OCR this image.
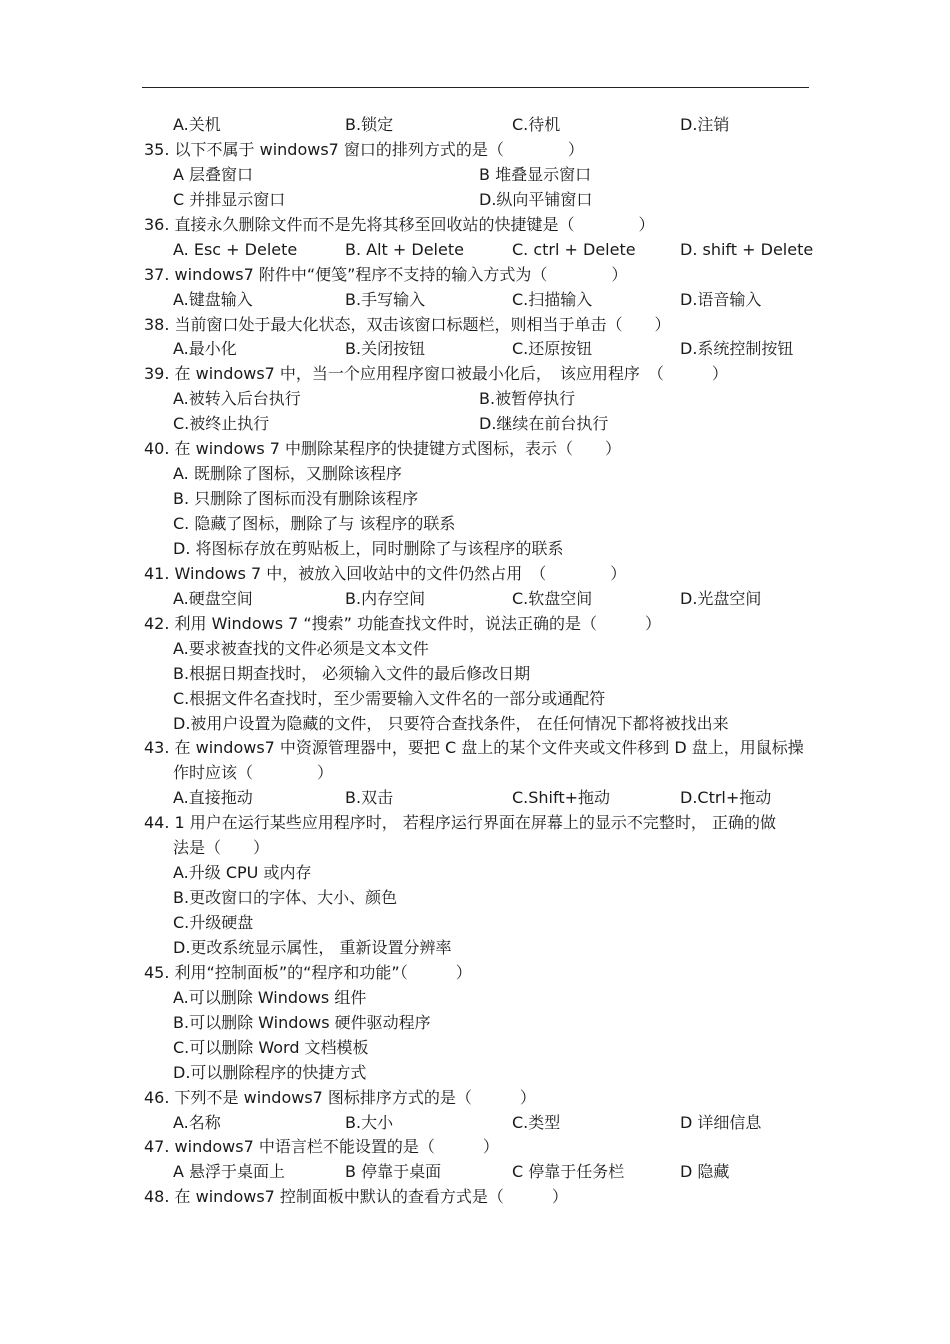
A.关机	B.锁定	C.待机	D.注销
35. 以下不属于 windows7 窗口的排列方式的是（　　　　）
A 层叠窗口	B 堆叠显示窗口
C 并排显示窗口	D.纵向平铺窗口
36. 直接永久删除文件而不是先将其移至回收站的快捷键是（　　　　）
A. Esc + Delete	B. Alt + Delete	C. ctrl + Delete	D. shift + Delete
37. windows7 附件中“便笺”程序不支持的输入方式为（　　　　）
A.键盘输入	B.手写输入	C.扫描输入	D.语音输入
38. 当前窗口处于最大化状态，双击该窗口标题栏，则相当于单击（　　）
A.最小化	B.关闭按钮	C.还原按钮	D.系统控制按钮
39. 在 windows7 中，当一个应用程序窗口被最小化后，　该应用程序　（　　　）
A.被转入后台执行	B.被暂停执行
C.被终止执行	D.继续在前台执行
40. 在 windows 7 中删除某程序的快捷键方式图标，表示（　　）
A. 既删除了图标，又删除该程序
B. 只删除了图标而没有删除该程序
C. 隐藏了图标，删除了与 该程序的联系
D. 将图标存放在剪贴板上，同时删除了与该程序的联系
41. Windows 7 中，被放入回收站中的文件仍然占用　（　　　　）
A.硬盘空间	B.内存空间	C.软盘空间	D.光盘空间
42. 利用 Windows 7 “搜索” 功能查找文件时，说法正确的是（　　　）
A.要求被查找的文件必须是文本文件
B.根据日期查找时， 必须输入文件的最后修改日期
C.根据文件名查找时，至少需要输入文件名的一部分或通配符
D.被用户设置为隐藏的文件， 只要符合查找条件， 在任何情况下都将被找出来
43. 在 windows7 中资源管理器中，要把 C 盘上的某个文件夹或文件移到 D 盘上，用鼠标操
作时应该（　　　　）
A.直接拖动	B.双击	C.Shift+拖动	D.Ctrl+拖动
44. 1 用户在运行某些应用程序时， 若程序运行界面在屏幕上的显示不完整时， 正确的做
法是（　　）
A.升级 CPU 或内存
B.更改窗口的字体、大小、颜色
C.升级硬盘
D.更改系统显示属性， 重新设置分辨率
45. 利用“控制面板”的“程序和功能”（　　　）
A.可以删除 Windows 组件
B.可以删除 Windows 硬件驱动程序
C.可以删除 Word 文档模板
D.可以删除程序的快捷方式
46. 下列不是 windows7 图标排序方式的是（　　　）
A.名称	B.大小	C.类型	D 详细信息
47. windows7 中语言栏不能设置的是（　　　）
A 悬浮于桌面上	B 停靠于桌面	C 停靠于任务栏	D 隐藏
48. 在 windows7 控制面板中默认的查看方式是（　　　）
